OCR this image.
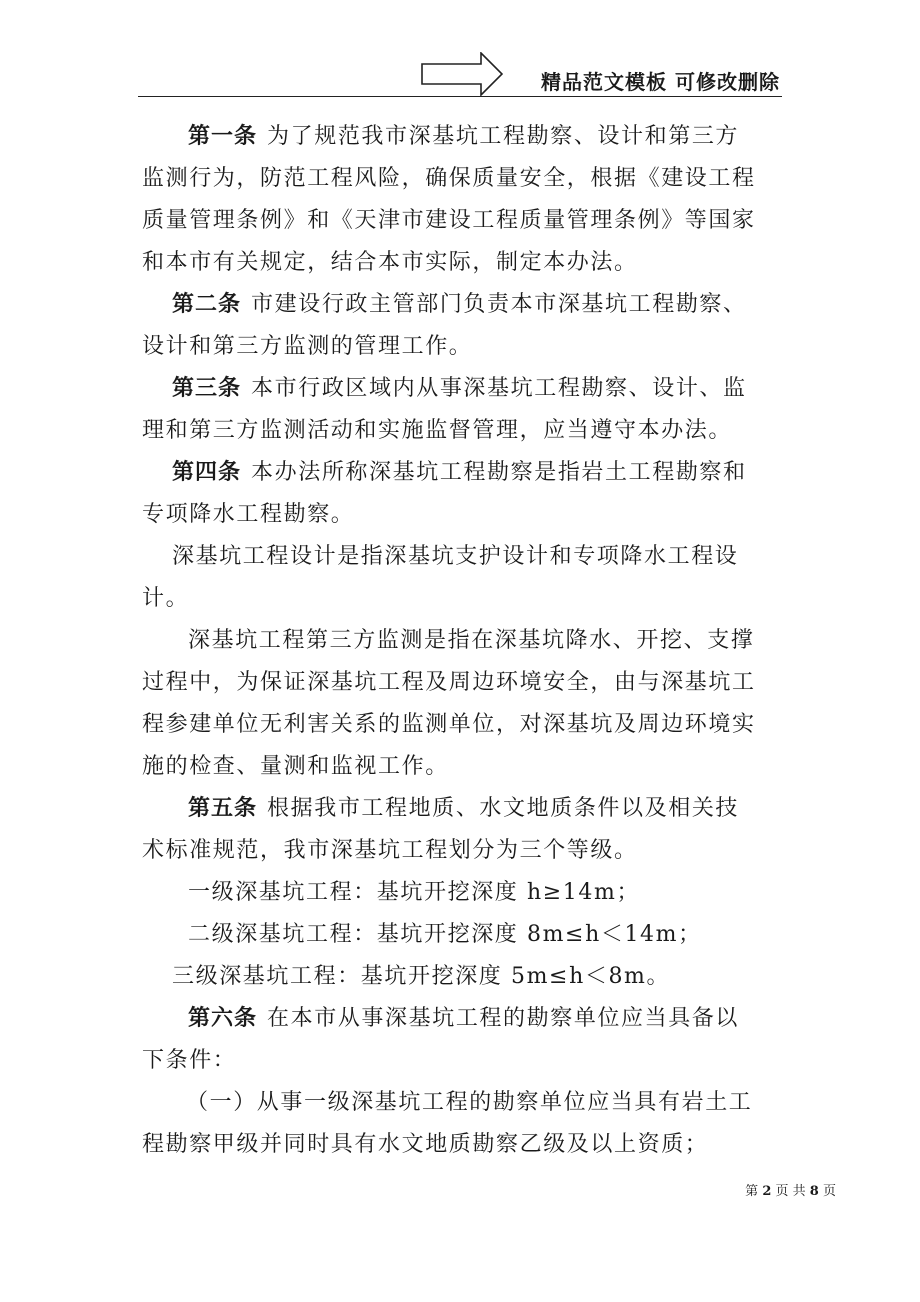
精品范文模板 可修改删除
第一条 为了规范我市深基坑工程勘察、设计和第三方
监测行为，防范工程风险，确保质量安全，根据《建设工程
质量管理条例》和《天津市建设工程质量管理条例》等国家
和本市有关规定，结合本市实际，制定本办法。
第二条 市建设行政主管部门负责本市深基坑工程勘察、
设计和第三方监测的管理工作。
第三条 本市行政区域内从事深基坑工程勘察、设计、监
理和第三方监测活动和实施监督管理，应当遵守本办法。
第四条 本办法所称深基坑工程勘察是指岩土工程勘察和
专项降水工程勘察。
深基坑工程设计是指深基坑支护设计和专项降水工程设
计。
深基坑工程第三方监测是指在深基坑降水、开挖、支撑
过程中，为保证深基坑工程及周边环境安全，由与深基坑工
程参建单位无利害关系的监测单位，对深基坑及周边环境实
施的检查、量测和监视工作。
第五条 根据我市工程地质、水文地质条件以及相关技
术标准规范，我市深基坑工程划分为三个等级。
一级深基坑工程：基坑开挖深度 h≥14m；
二级深基坑工程：基坑开挖深度 8m≤h＜14m；
三级深基坑工程：基坑开挖深度 5m≤h＜8m。
第六条 在本市从事深基坑工程的勘察单位应当具备以
下条件：
（一）从事一级深基坑工程的勘察单位应当具有岩土工
程勘察甲级并同时具有水文地质勘察乙级及以上资质；
第 2 页 共 8 页
